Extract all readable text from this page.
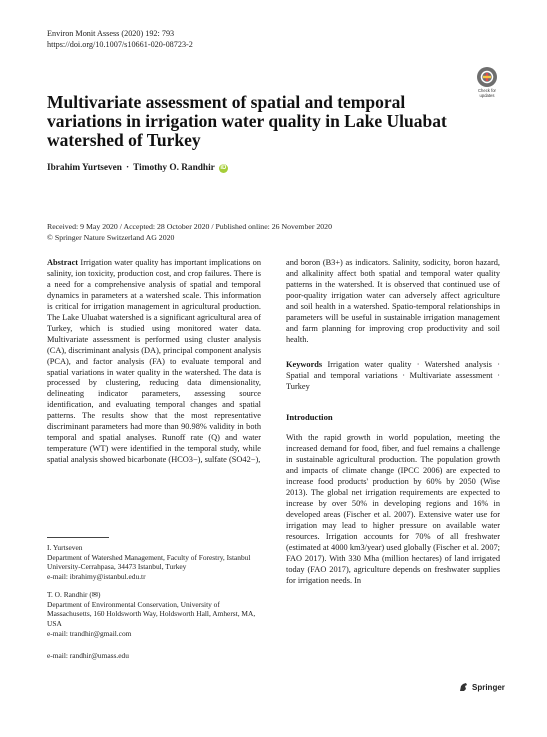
Environ Monit Assess (2020) 192: 793
https://doi.org/10.1007/s10661-020-08723-2
Check for
updates
Multivariate assessment of spatial and temporal variations in irrigation water quality in Lake Uluabat watershed of Turkey
Ibrahim Yurtseven · Timothy O. Randhir iD
Received: 9 May 2020 / Accepted: 28 October 2020 / Published online: 26 November 2020
© Springer Nature Switzerland AG 2020

Abstract Irrigation water quality has important implications on salinity, ion toxicity, production cost, and crop failures. There is a need for a comprehensive analysis of spatial and temporal dynamics in parameters at a watershed scale. This information is critical for irrigation management in agricultural production. The Lake Uluabat watershed is a significant agricultural area of Turkey, which is studied using monitored water data. Multivariate assessment is performed using cluster analysis (CA), discriminant analysis (DA), principal component analysis (PCA), and factor analysis (FA) to evaluate temporal and spatial variations in water quality in the watershed. The data is processed by clustering, reducing data dimensionality, delineating indicator parameters, assessing source identification, and evaluating temporal changes and spatial patterns. The results show that the most representative discriminant parameters had more than 90.98% validity in both temporal and spatial analyses. Runoff rate (Q) and water temperature (WT) were identified in the temporal study, while spatial analysis showed bicarbonate (HCO3−), sulfate (SO42−),

I. Yurtseven
Department of Watershed Management, Faculty of Forestry, Istanbul University-Cerrahpasa, 34473 Istanbul, Turkey
e-mail: ibrahimy@istanbul.edu.tr
T. O. Randhir (✉)
Department of Environmental Conservation, University of Massachusetts, 160 Holdsworth Way, Holdsworth Hall, Amherst, MA, USA
e-mail: trandhir@gmail.com
e-mail: randhir@umass.edu

and boron (B3+) as indicators. Salinity, sodicity, boron hazard, and alkalinity affect both spatial and temporal water quality patterns in the watershed. It is observed that continued use of poor-quality irrigation water can adversely affect agriculture and soil health in a watershed. Spatio-temporal relationships in parameters will be useful in sustainable irrigation management and farm planning for improving crop productivity and soil health.

Keywords Irrigation water quality · Watershed analysis · Spatial and temporal variations · Multivariate assessment · Turkey

Introduction

With the rapid growth in world population, meeting the increased demand for food, fiber, and fuel remains a challenge in sustainable agricultural production. The population growth and impacts of climate change (IPCC 2006) are expected to increase food products' production by 60% by 2050 (Wise 2013). The global net irrigation requirements are expected to increase by over 50% in developing regions and 16% in developed areas (Fischer et al. 2007). Extensive water use for irrigation may lead to higher pressure on available water resources. Irrigation accounts for 70% of all freshwater (estimated at 4000 km3/year) used globally (Fischer et al. 2007; FAO 2017). With 330 Mha (million hectares) of land irrigated today (FAO 2017), agriculture depends on freshwater supplies for irrigation needs. In

Springer
